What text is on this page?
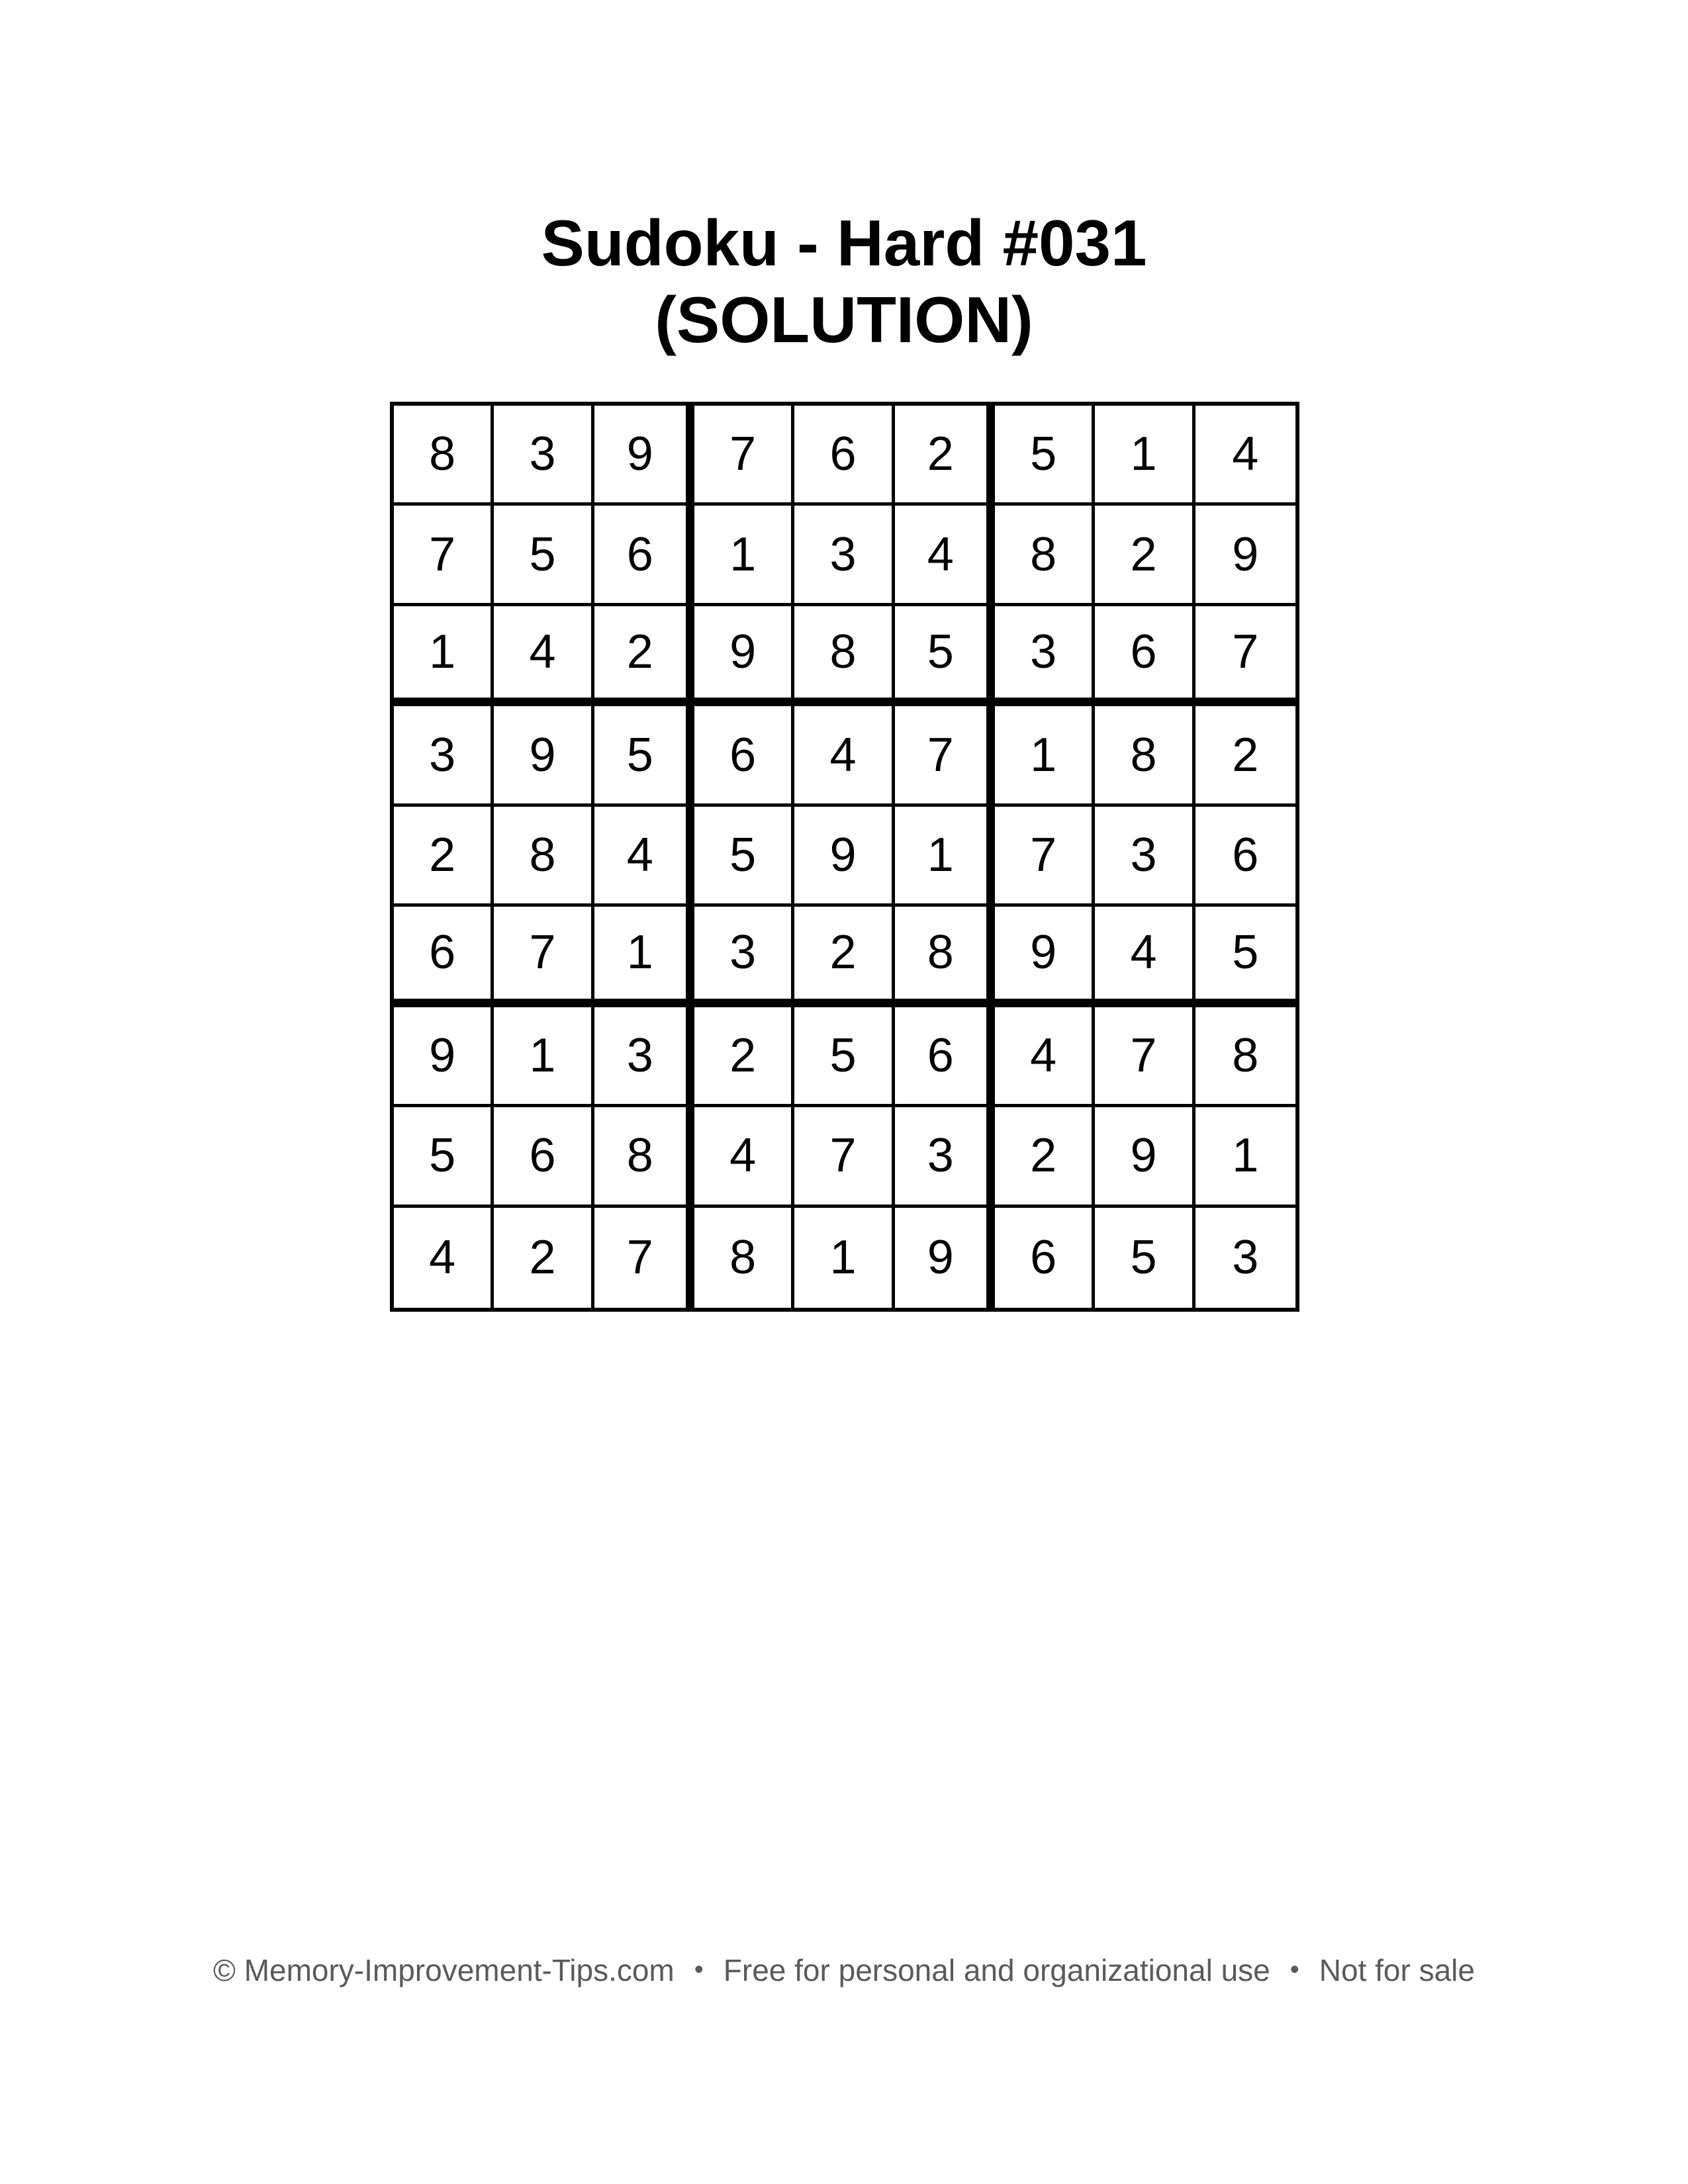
Sudoku - Hard #031
(SOLUTION)
8	3	9	7	6	2	5	1	4
7	5	6	1	3	4	8	2	9
1	4	2	9	8	5	3	6	7
3	9	5	6	4	7	1	8	2
2	8	4	5	9	1	7	3	6
6	7	1	3	2	8	9	4	5
9	1	3	2	5	6	4	7	8
5	6	8	4	7	3	2	9	1
4	2	7	8	1	9	6	5	3
© Memory-Improvement-Tips.com • Free for personal and organizational use • Not for sale
